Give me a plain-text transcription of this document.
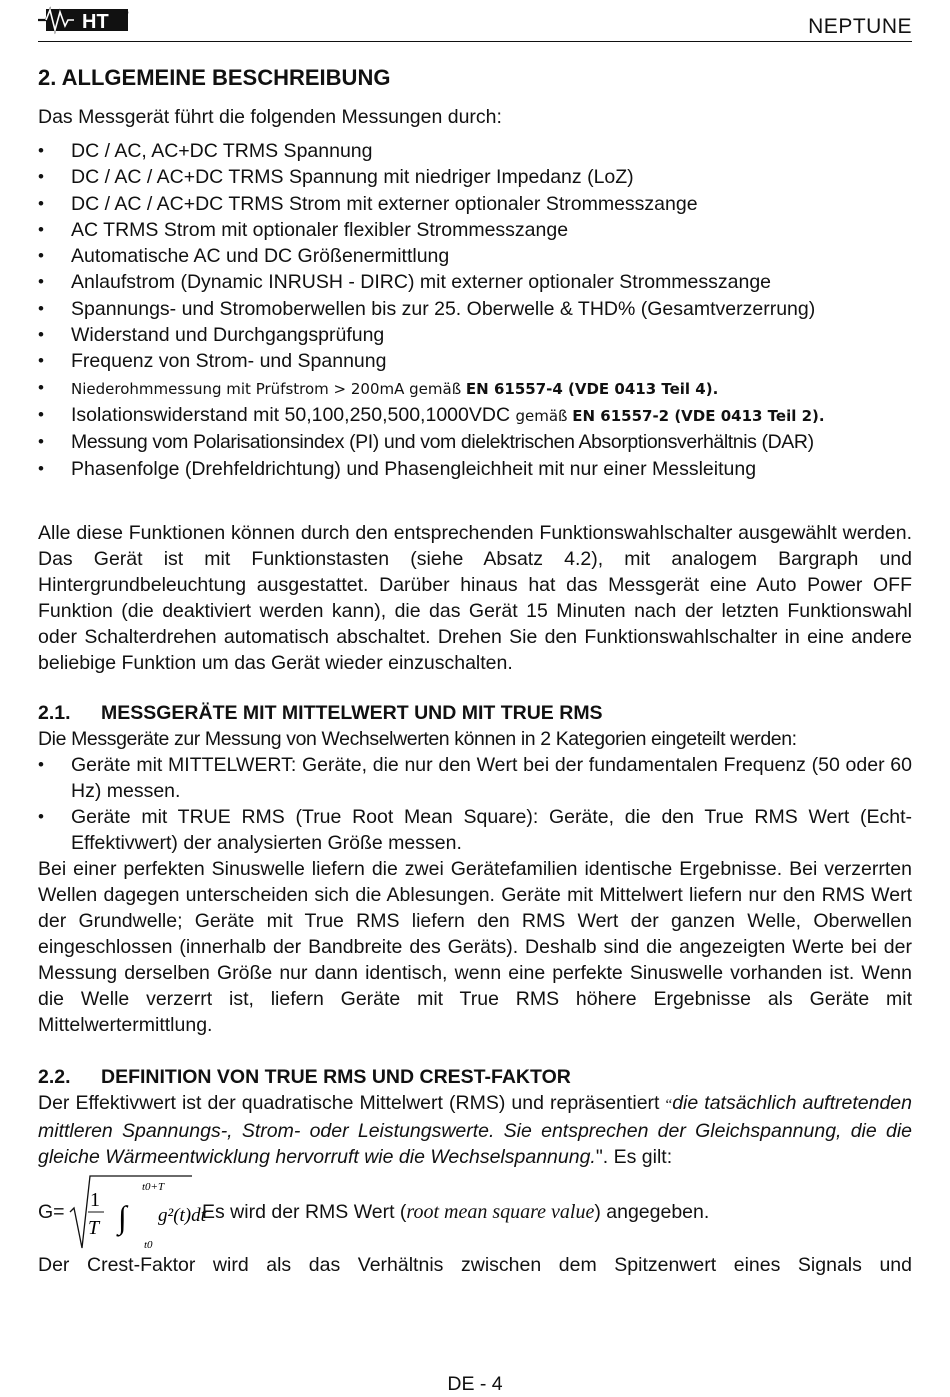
HT	®
NEPTUNE
2. ALLGEMEINE BESCHREIBUNG

Das Messgerät führt die folgenden Messungen durch:

• DC / AC, AC+DC TRMS Spannung
• DC / AC / AC+DC TRMS Spannung mit niedriger Impedanz (LoZ)
• DC / AC / AC+DC TRMS Strom mit externer optionaler Strommesszange
• AC TRMS Strom mit optionaler flexibler Strommesszange
• Automatische AC und DC Größenermittlung
• Anlaufstrom (Dynamic INRUSH - DIRC) mit externer optionaler Strommesszange
• Spannungs- und Stromoberwellen bis zur 25. Oberwelle & THD% (Gesamtverzerrung)
• Widerstand und Durchgangsprüfung
• Frequenz von Strom- und Spannung
• Niederohmmessung mit Prüfstrom > 200mA gemäß EN 61557-4 (VDE 0413 Teil 4).
• Isolationswiderstand mit 50,100,250,500,1000VDC gemäß EN 61557-2 (VDE 0413 Teil 2).
• Messung vom Polarisationsindex (PI) und vom dielektrischen Absorptionsverhältnis (DAR)
• Phasenfolge (Drehfeldrichtung) und Phasengleichheit mit nur einer Messleitung

Alle diese Funktionen können durch den entsprechenden Funktionswahlschalter ausgewählt werden. Das Gerät ist mit Funktionstasten (siehe Absatz 4.2), mit analogem Bargraph und Hintergrundbeleuchtung ausgestattet. Darüber hinaus hat das Messgerät eine Auto Power OFF Funktion (die deaktiviert werden kann), die das Gerät 15 Minuten nach der letzten Funktionswahl oder Schalterdrehen automatisch abschaltet. Drehen Sie den Funktionswahlschalter in eine andere beliebige Funktion um das Gerät wieder einzuschalten.

2.1. MESSGERÄTE MIT MITTELWERT UND MIT TRUE RMS

Die Messgeräte zur Messung von Wechselwerten können in 2 Kategorien eingeteilt werden:

• Geräte mit MITTELWERT: Geräte, die nur den Wert bei der fundamentalen Frequenz (50 oder 60 Hz) messen.
• Geräte mit TRUE RMS (True Root Mean Square): Geräte, die den True RMS Wert (Echt-Effektivwert) der analysierten Größe messen.

Bei einer perfekten Sinuswelle liefern die zwei Gerätefamilien identische Ergebnisse. Bei verzerrten Wellen dagegen unterscheiden sich die Ablesungen. Geräte mit Mittelwert liefern nur den RMS Wert der Grundwelle; Geräte mit True RMS liefern den RMS Wert der ganzen Welle, Oberwellen eingeschlossen (innerhalb der Bandbreite des Geräts). Deshalb sind die angezeigten Werte bei der Messung derselben Größe nur dann identisch, wenn eine perfekte Sinuswelle vorhanden ist. Wenn die Welle verzerrt ist, liefern Geräte mit True RMS höhere Ergebnisse als Geräte mit Mittelwertermittlung.

2.2. DEFINITION VON TRUE RMS UND CREST-FAKTOR

Der Effektivwert ist der quadratische Mittelwert (RMS) und repräsentiert “die tatsächlich auftretenden mittleren Spannungs-, Strom- oder Leistungswerte. Sie entsprechen der Gleichspannung, die die gleiche Wärmeentwicklung hervorruft wie die Wechselspannung.". Es gilt:

G=
1
T
t0+T
∫
t0
g²(t)dt
Es wird der RMS Wert (root mean square value) angegeben.

Der Crest-Faktor wird als das Verhältnis zwischen dem Spitzenwert eines Signals und

DE - 4
